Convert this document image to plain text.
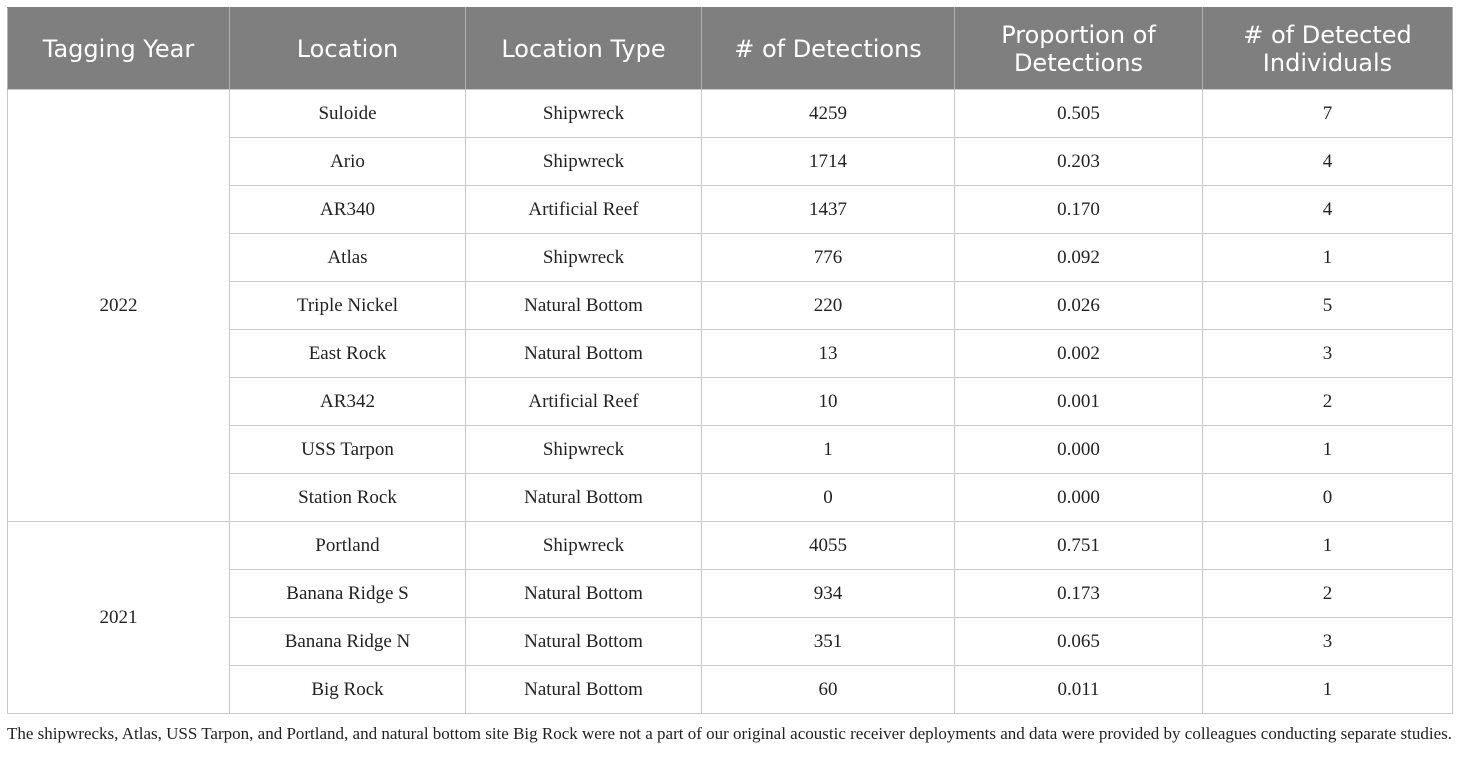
Tagging Year	Location	Location Type	# of Detections	Proportion of Detections	# of Detected Individuals
2022	Suloide	Shipwreck	4259	0.505	7
	Ario	Shipwreck	1714	0.203	4
	AR340	Artificial Reef	1437	0.170	4
	Atlas	Shipwreck	776	0.092	1
	Triple Nickel	Natural Bottom	220	0.026	5
	East Rock	Natural Bottom	13	0.002	3
	AR342	Artificial Reef	10	0.001	2
	USS Tarpon	Shipwreck	1	0.000	1
	Station Rock	Natural Bottom	0	0.000	0
2021	Portland	Shipwreck	4055	0.751	1
	Banana Ridge S	Natural Bottom	934	0.173	2
	Banana Ridge N	Natural Bottom	351	0.065	3
	Big Rock	Natural Bottom	60	0.011	1
The shipwrecks, Atlas, USS Tarpon, and Portland, and natural bottom site Big Rock were not a part of our original acoustic receiver deployments and data were provided by colleagues conducting separate studies.
